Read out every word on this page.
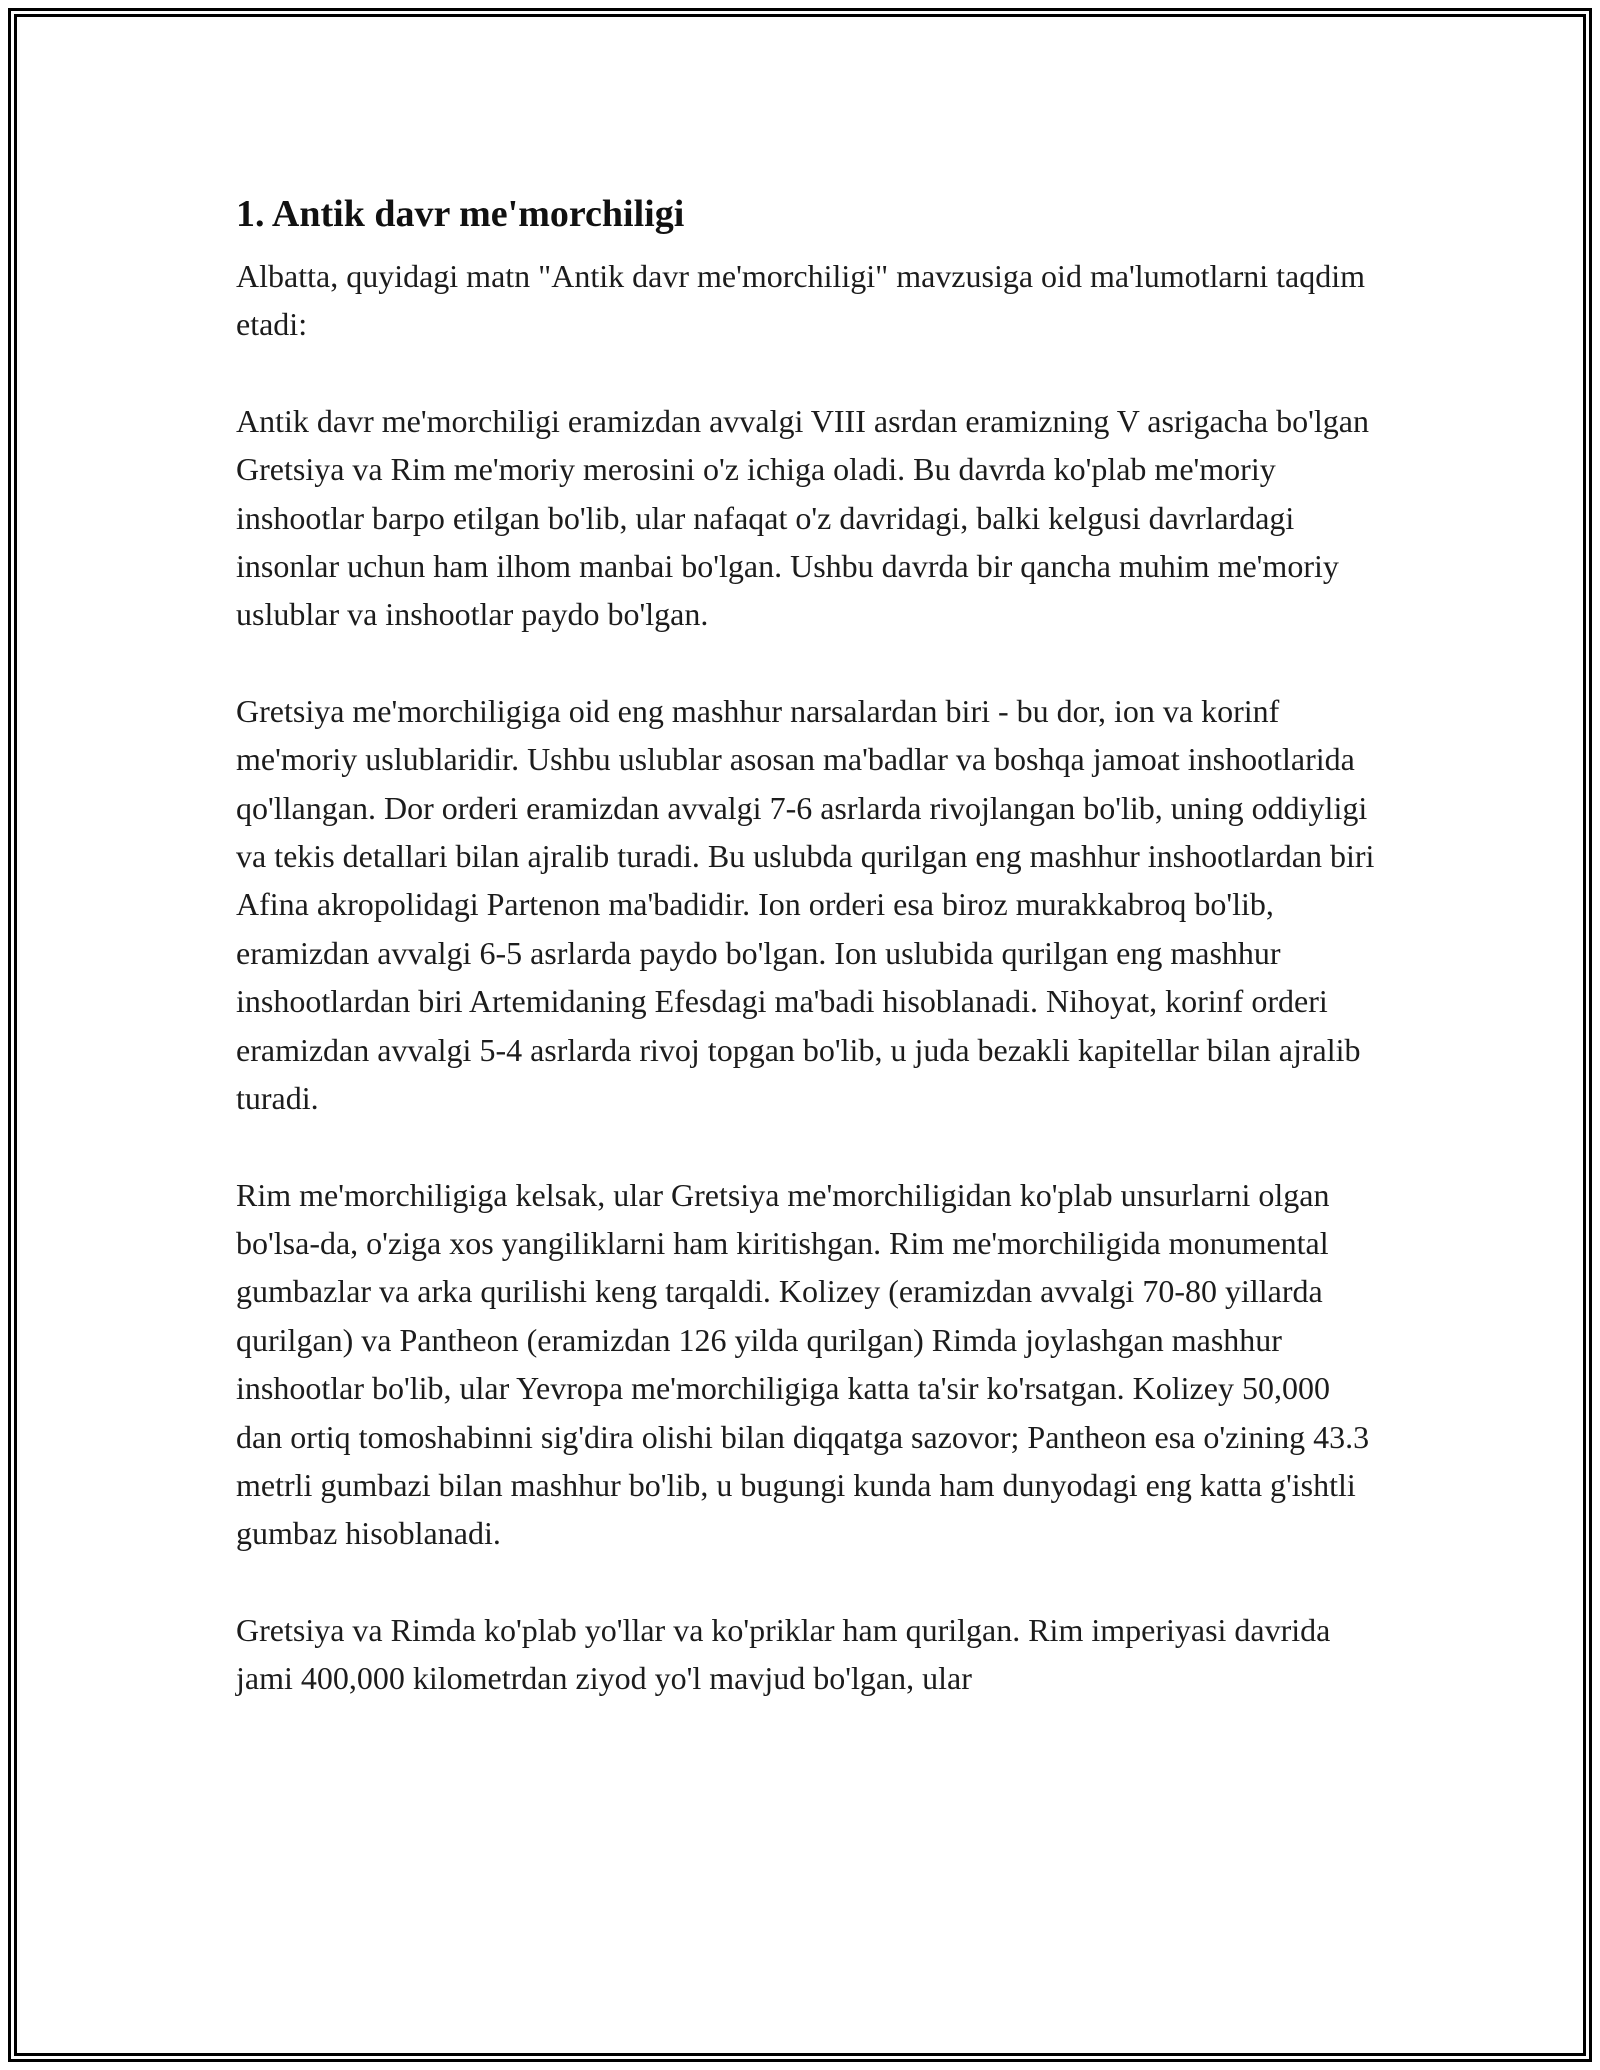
1. Antik davr me'morchiligi

Albatta, quyidagi matn "Antik davr me'morchiligi" mavzusiga oid ma'lumotlarni taqdim etadi:

Antik davr me'morchiligi eramizdan avvalgi VIII asrdan eramizning V asrigacha bo'lgan Gretsiya va Rim me'moriy merosini o'z ichiga oladi. Bu davrda ko'plab me'moriy inshootlar barpo etilgan bo'lib, ular nafaqat o'z davridagi, balki kelgusi davrlardagi insonlar uchun ham ilhom manbai bo'lgan. Ushbu davrda bir qancha muhim me'moriy uslublar va inshootlar paydo bo'lgan.

Gretsiya me'morchiligiga oid eng mashhur narsalardan biri - bu dor, ion va korinf me'moriy uslublaridir. Ushbu uslublar asosan ma'badlar va boshqa jamoat inshootlarida qo'llangan. Dor orderi eramizdan avvalgi 7-6 asrlarda rivojlangan bo'lib, uning oddiyligi va tekis detallari bilan ajralib turadi. Bu uslubda qurilgan eng mashhur inshootlardan biri Afina akropolidagi Partenon ma'badidir. Ion orderi esa biroz murakkabroq bo'lib, eramizdan avvalgi 6-5 asrlarda paydo bo'lgan. Ion uslubida qurilgan eng mashhur inshootlardan biri Artemidaning Efesdagi ma'badi hisoblanadi. Nihoyat, korinf orderi eramizdan avvalgi 5-4 asrlarda rivoj topgan bo'lib, u juda bezakli kapitellar bilan ajralib turadi.

Rim me'morchiligiga kelsak, ular Gretsiya me'morchiligidan ko'plab unsurlarni olgan bo'lsa-da, o'ziga xos yangiliklarni ham kiritishgan. Rim me'morchiligida monumental gumbazlar va arka qurilishi keng tarqaldi. Kolizey (eramizdan avvalgi 70-80 yillarda qurilgan) va Pantheon (eramizdan 126 yilda qurilgan) Rimda joylashgan mashhur inshootlar bo'lib, ular Yevropa me'morchiligiga katta ta'sir ko'rsatgan. Kolizey 50,000 dan ortiq tomoshabinni sig'dira olishi bilan diqqatga sazovor; Pantheon esa o'zining 43.3 metrli gumbazi bilan mashhur bo'lib, u bugungi kunda ham dunyodagi eng katta g'ishtli gumbaz hisoblanadi.

Gretsiya va Rimda ko'plab yo'llar va ko'priklar ham qurilgan. Rim imperiyasi davrida jami 400,000 kilometrdan ziyod yo'l mavjud bo'lgan, ular
